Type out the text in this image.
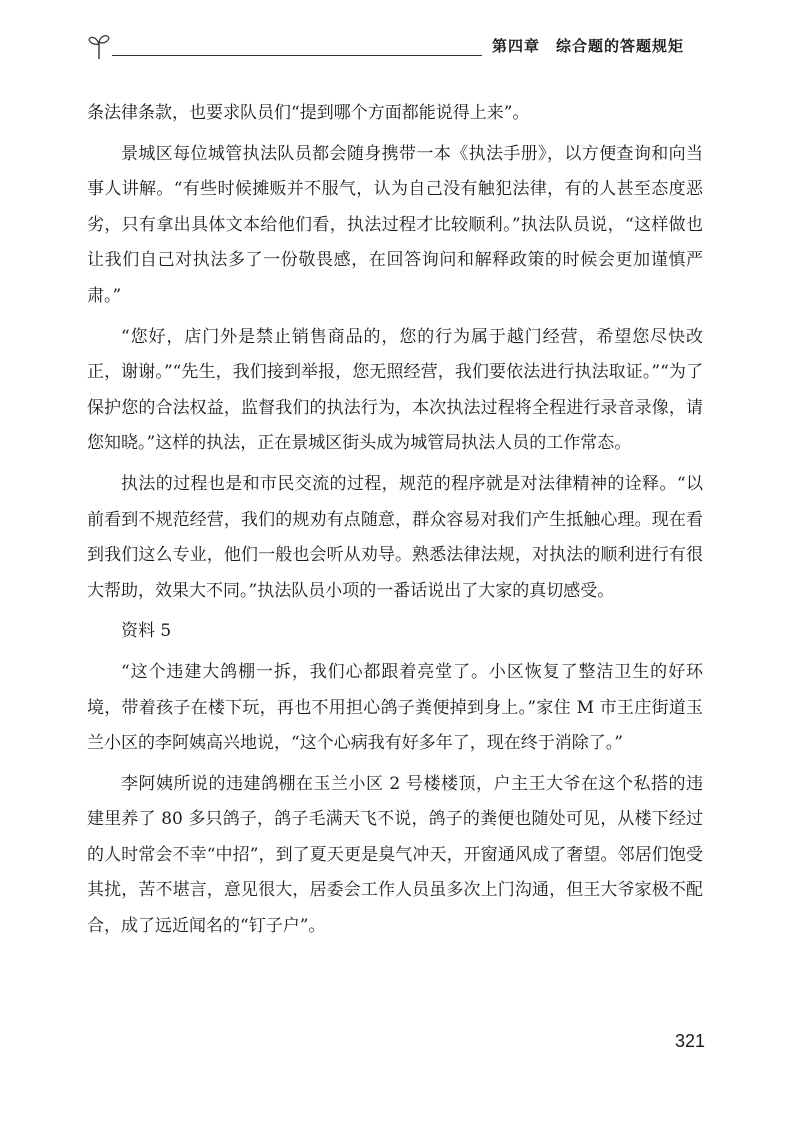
第四章 综合题的答题规矩

条法律条款，也要求队员们“提到哪个方面都能说得上来”。

景城区每位城管执法队员都会随身携带一本《执法手册》，以方便查询和向当事人讲解。“有些时候摊贩并不服气，认为自己没有触犯法律，有的人甚至态度恶劣，只有拿出具体文本给他们看，执法过程才比较顺利。”执法队员说，“这样做也让我们自己对执法多了一份敬畏感，在回答询问和解释政策的时候会更加谨慎严肃。”

“您好，店门外是禁止销售商品的，您的行为属于越门经营，希望您尽快改正，谢谢。”“先生，我们接到举报，您无照经营，我们要依法进行执法取证。”“为了保护您的合法权益，监督我们的执法行为，本次执法过程将全程进行录音录像，请您知晓。”这样的执法，正在景城区街头成为城管局执法人员的工作常态。

执法的过程也是和市民交流的过程，规范的程序就是对法律精神的诠释。“以前看到不规范经营，我们的规劝有点随意，群众容易对我们产生抵触心理。现在看到我们这么专业，他们一般也会听从劝导。熟悉法律法规，对执法的顺利进行有很大帮助，效果大不同。”执法队员小项的一番话说出了大家的真切感受。

资料 5

“这个违建大鸽棚一拆，我们心都跟着亮堂了。小区恢复了整洁卫生的好环境，带着孩子在楼下玩，再也不用担心鸽子粪便掉到身上。”家住 M 市王庄街道玉兰小区的李阿姨高兴地说，“这个心病我有好多年了，现在终于消除了。”

李阿姨所说的违建鸽棚在玉兰小区 2 号楼楼顶，户主王大爷在这个私搭的违建里养了 80 多只鸽子，鸽子毛满天飞不说，鸽子的粪便也随处可见，从楼下经过的人时常会不幸“中招”，到了夏天更是臭气冲天，开窗通风成了奢望。邻居们饱受其扰，苦不堪言，意见很大，居委会工作人员虽多次上门沟通，但王大爷家极不配合，成了远近闻名的“钉子户”。

321
